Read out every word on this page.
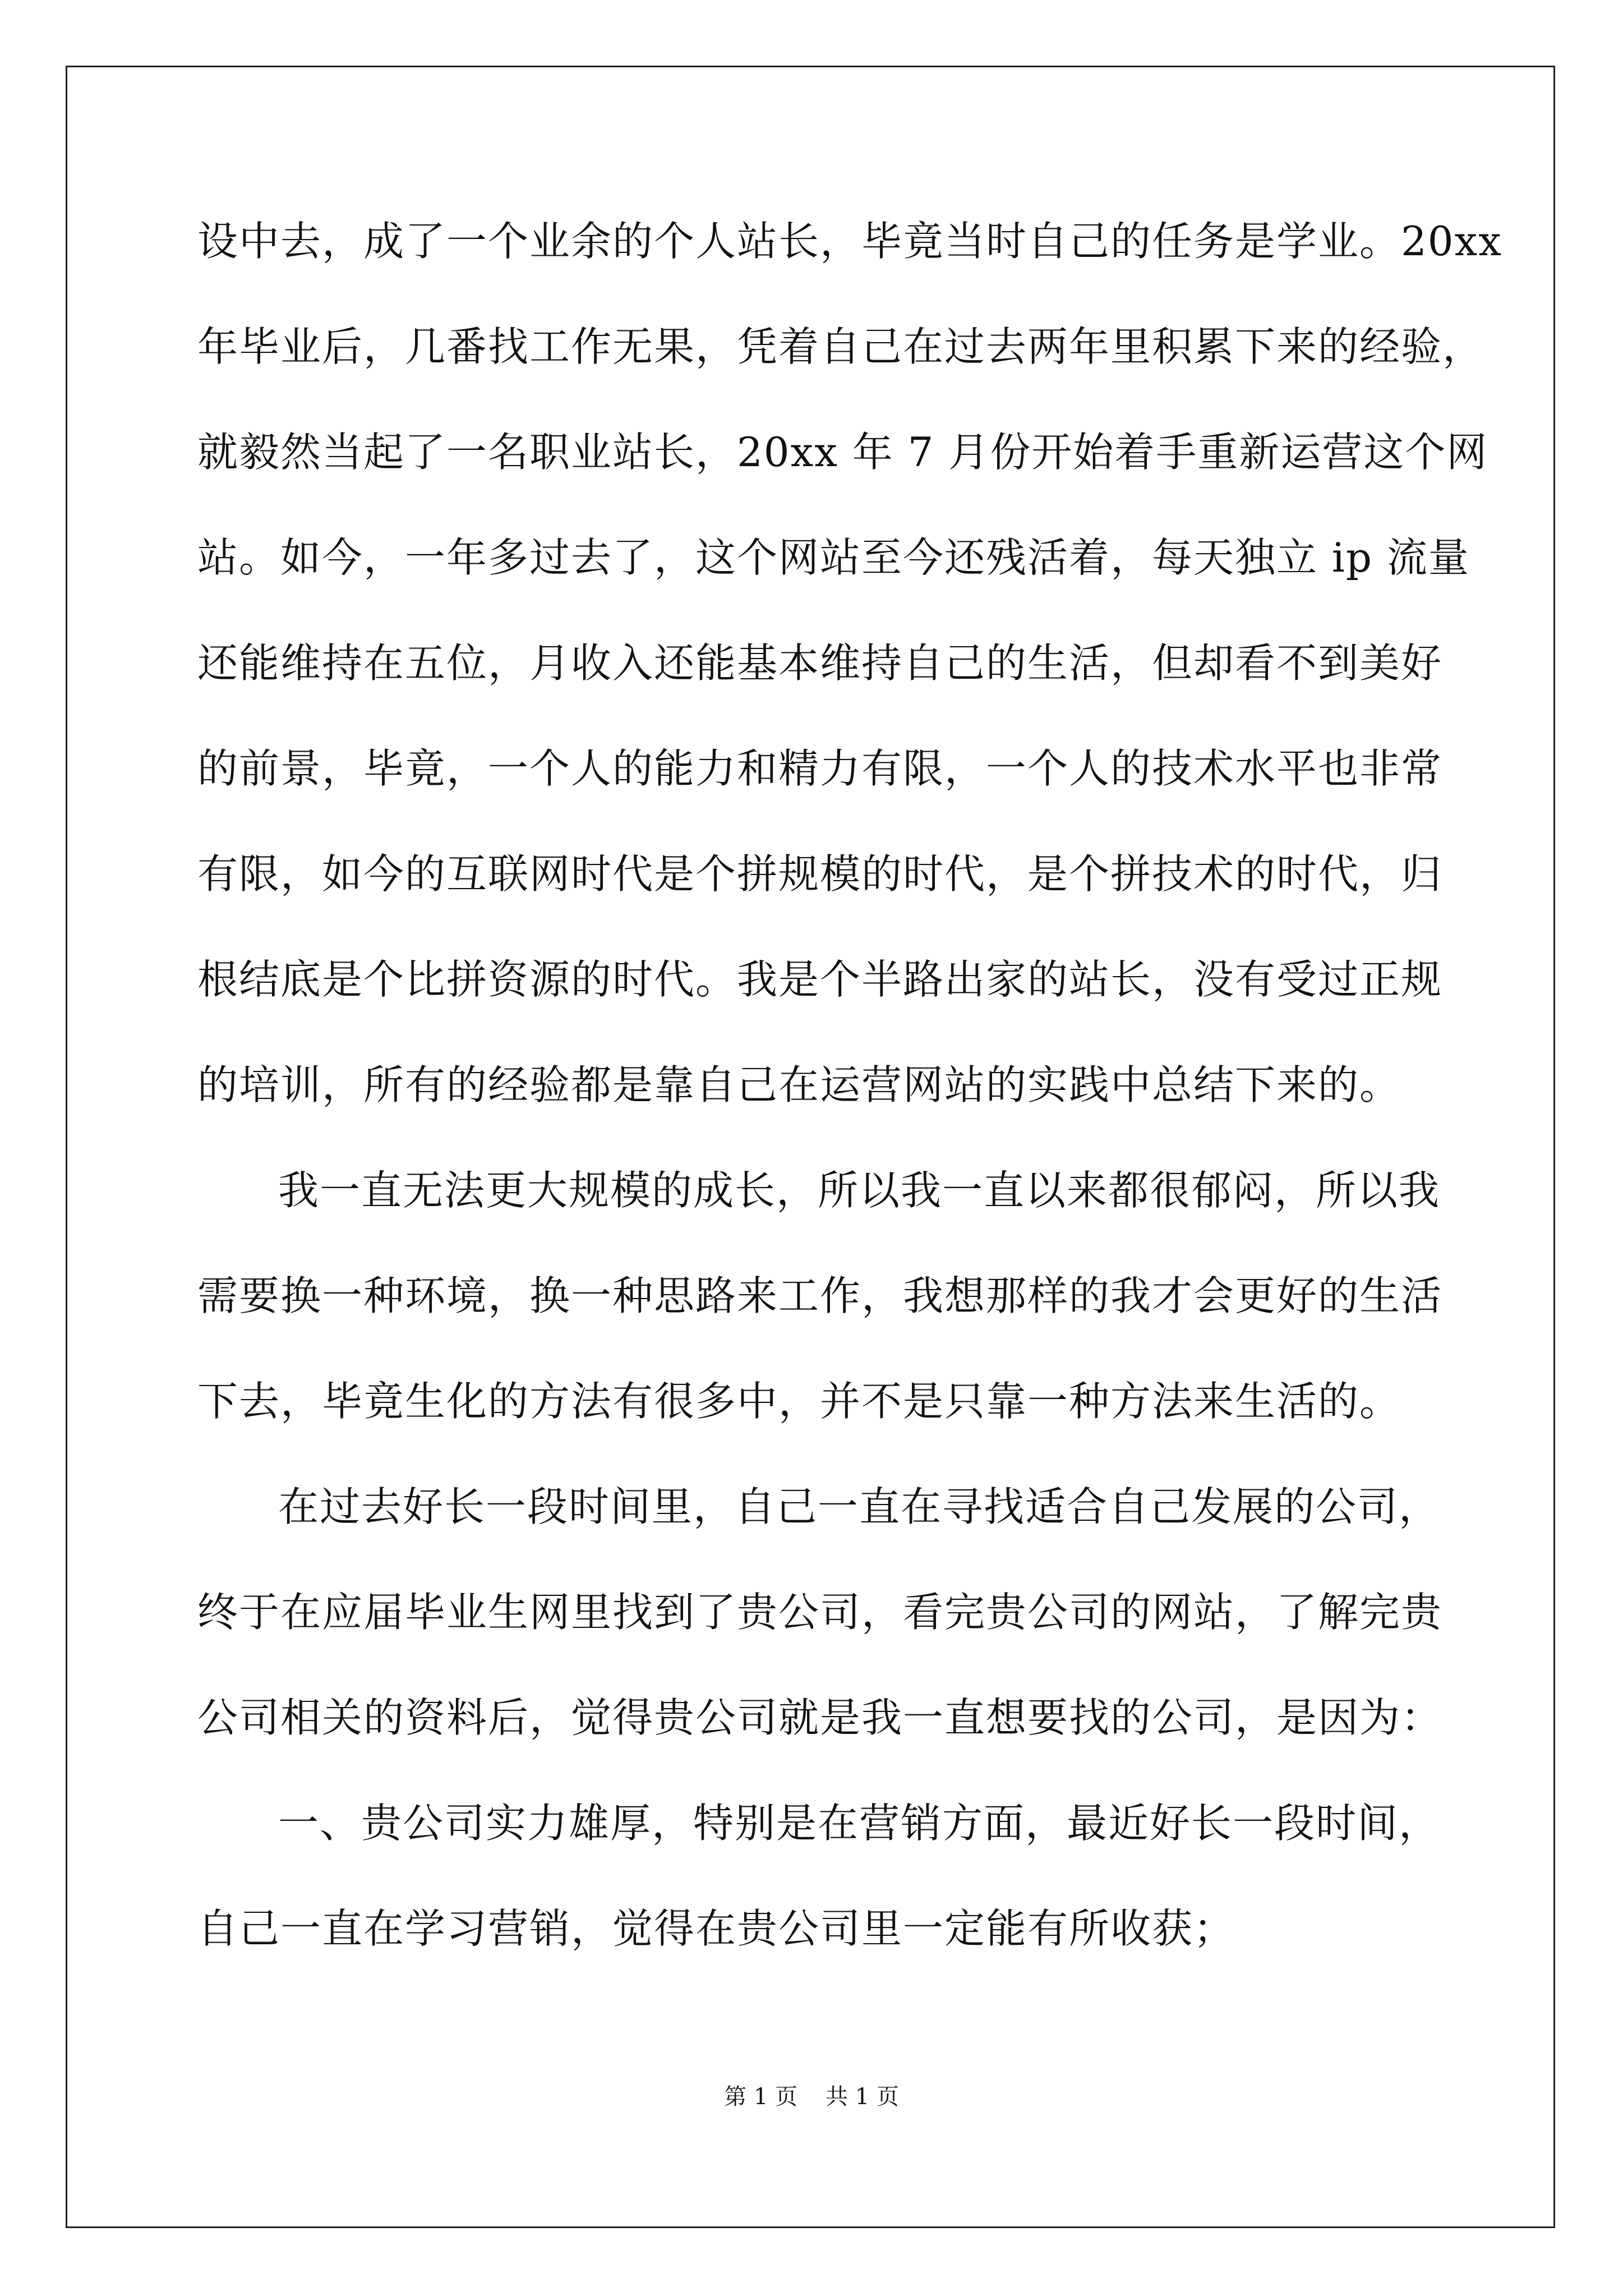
设中去，成了一个业余的个人站长，毕竟当时自己的任务是学业。20xx
年毕业后，几番找工作无果，凭着自己在过去两年里积累下来的经验，
就毅然当起了一名职业站长，20xx 年 7 月份开始着手重新运营这个网
站。如今，一年多过去了，这个网站至今还残活着，每天独立 ip 流量
还能维持在五位，月收入还能基本维持自己的生活，但却看不到美好
的前景，毕竟，一个人的能力和精力有限，一个人的技术水平也非常
有限，如今的互联网时代是个拼规模的时代，是个拼技术的时代，归
根结底是个比拼资源的时代。我是个半路出家的站长，没有受过正规
的培训，所有的经验都是靠自己在运营网站的实践中总结下来的。
我一直无法更大规模的成长，所以我一直以来都很郁闷，所以我
需要换一种环境，换一种思路来工作，我想那样的我才会更好的生活
下去，毕竟生化的方法有很多中，并不是只靠一种方法来生活的。
在过去好长一段时间里，自己一直在寻找适合自己发展的公司，
终于在应届毕业生网里找到了贵公司，看完贵公司的网站，了解完贵
公司相关的资料后，觉得贵公司就是我一直想要找的公司，是因为：
一、贵公司实力雄厚，特别是在营销方面，最近好长一段时间，
自己一直在学习营销，觉得在贵公司里一定能有所收获；
第 1 页 共 1 页
